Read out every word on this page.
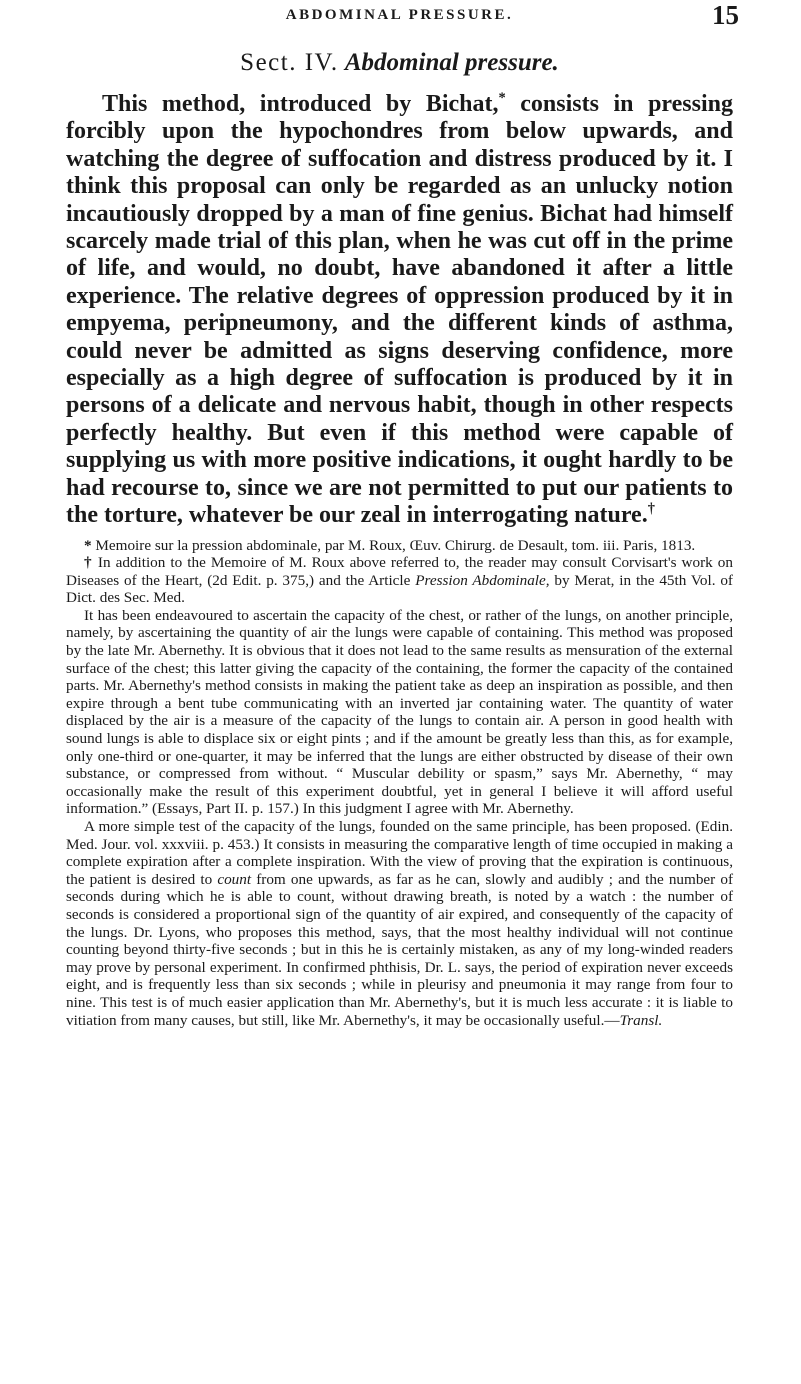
ABDOMINAL PRESSURE.	15
Sect. IV. Abdominal pressure.

This method, introduced by Bichat,* consists in pressing forcibly upon the hypochondres from below upwards, and watching the degree of suffocation and distress produced by it. I think this proposal can only be regarded as an unlucky notion incautiously dropped by a man of fine genius. Bichat had himself scarcely made trial of this plan, when he was cut off in the prime of life, and would, no doubt, have abandoned it after a little experience. The relative degrees of oppression produced by it in empyema, peripneumony, and the different kinds of asthma, could never be admitted as signs deserving confidence, more especially as a high degree of suffocation is produced by it in persons of a delicate and nervous habit, though in other respects perfectly healthy. But even if this method were capable of supplying us with more positive indications, it ought hardly to be had recourse to, since we are not permitted to put our patients to the torture, whatever be our zeal in interrogating nature.†

* Memoire sur la pression abdominale, par M. Roux, Œuv. Chirurg. de Desault, tom. iii. Paris, 1813.

† In addition to the Memoire of M. Roux above referred to, the reader may consult Corvisart's work on Diseases of the Heart, (2d Edit. p. 375,) and the Article Pression Abdominale, by Merat, in the 45th Vol. of Dict. des Sec. Med.

It has been endeavoured to ascertain the capacity of the chest, or rather of the lungs, on another principle, namely, by ascertaining the quantity of air the lungs were capable of containing. This method was proposed by the late Mr. Abernethy. It is obvious that it does not lead to the same results as mensuration of the external surface of the chest; this latter giving the capacity of the containing, the former the capacity of the contained parts. Mr. Abernethy's method consists in making the patient take as deep an inspiration as possible, and then expire through a bent tube communicating with an inverted jar containing water. The quantity of water displaced by the air is a measure of the capacity of the lungs to contain air. A person in good health with sound lungs is able to displace six or eight pints ; and if the amount be greatly less than this, as for example, only one-third or one-quarter, it may be inferred that the lungs are either obstructed by disease of their own substance, or compressed from without. “ Muscular debility or spasm,” says Mr. Abernethy, “ may occasionally make the result of this experiment doubtful, yet in general I believe it will afford useful information.” (Essays, Part II. p. 157.) In this judgment I agree with Mr. Abernethy.

A more simple test of the capacity of the lungs, founded on the same principle, has been proposed. (Edin. Med. Jour. vol. xxxviii. p. 453.) It consists in measuring the comparative length of time occupied in making a complete expiration after a complete inspiration. With the view of proving that the expiration is continuous, the patient is desired to count from one upwards, as far as he can, slowly and audibly ; and the number of seconds during which he is able to count, without drawing breath, is noted by a watch : the number of seconds is considered a proportional sign of the quantity of air expired, and consequently of the capacity of the lungs. Dr. Lyons, who proposes this method, says, that the most healthy individual will not continue counting beyond thirty-five seconds ; but in this he is certainly mistaken, as any of my long-winded readers may prove by personal experiment. In confirmed phthisis, Dr. L. says, the period of expiration never exceeds eight, and is frequently less than six seconds ; while in pleurisy and pneumonia it may range from four to nine. This test is of much easier application than Mr. Abernethy's, but it is much less accurate : it is liable to vitiation from many causes, but still, like Mr. Abernethy's, it may be occasionally useful.—Transl.
